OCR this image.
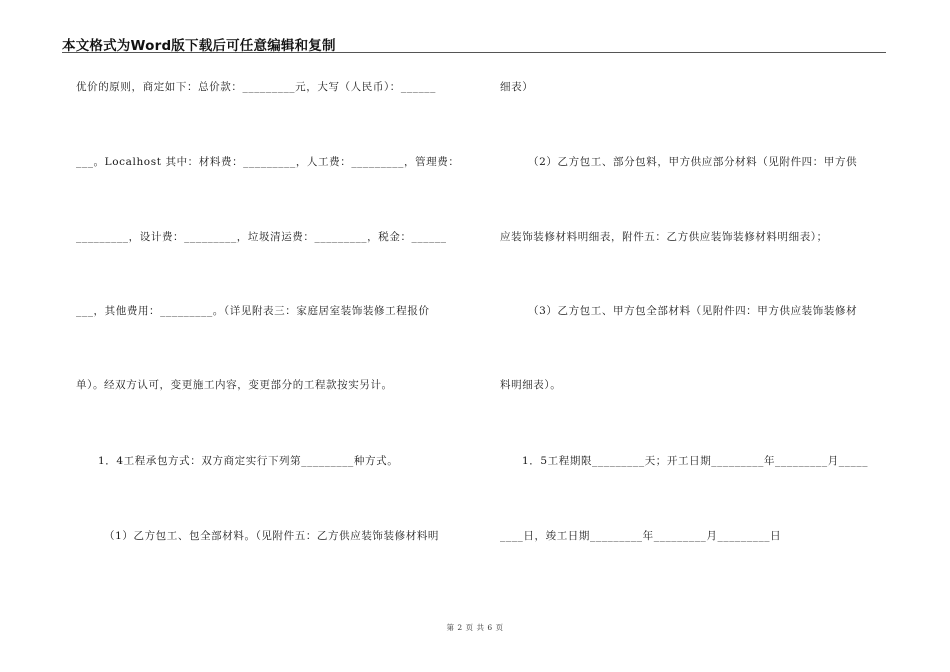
本文格式为Word版下载后可任意编辑和复制
优价的原则，商定如下：总价款：_________元，大写（人民币）：______
___。Localhost 其中：材料费：_________，人工费：_________，管理费：
_________，设计费：_________，垃圾清运费：_________，税金：______
___，其他费用：_________。（详见附表三：家庭居室装饰装修工程报价
单）。经双方认可，变更施工内容，变更部分的工程款按实另计。
1．4工程承包方式：双方商定实行下列第_________种方式。
（1）乙方包工、包全部材料。（见附件五：乙方供应装饰装修材料明
细表）
（2）乙方包工、部分包料，甲方供应部分材料（见附件四：甲方供
应装饰装修材料明细表，附件五：乙方供应装饰装修材料明细表）；
（3）乙方包工、甲方包全部材料（见附件四：甲方供应装饰装修材
料明细表）。
1．5工程期限_________天；开工日期_________年_________月_____
____日，竣工日期_________年_________月_________日
第 2 页 共 6 页
